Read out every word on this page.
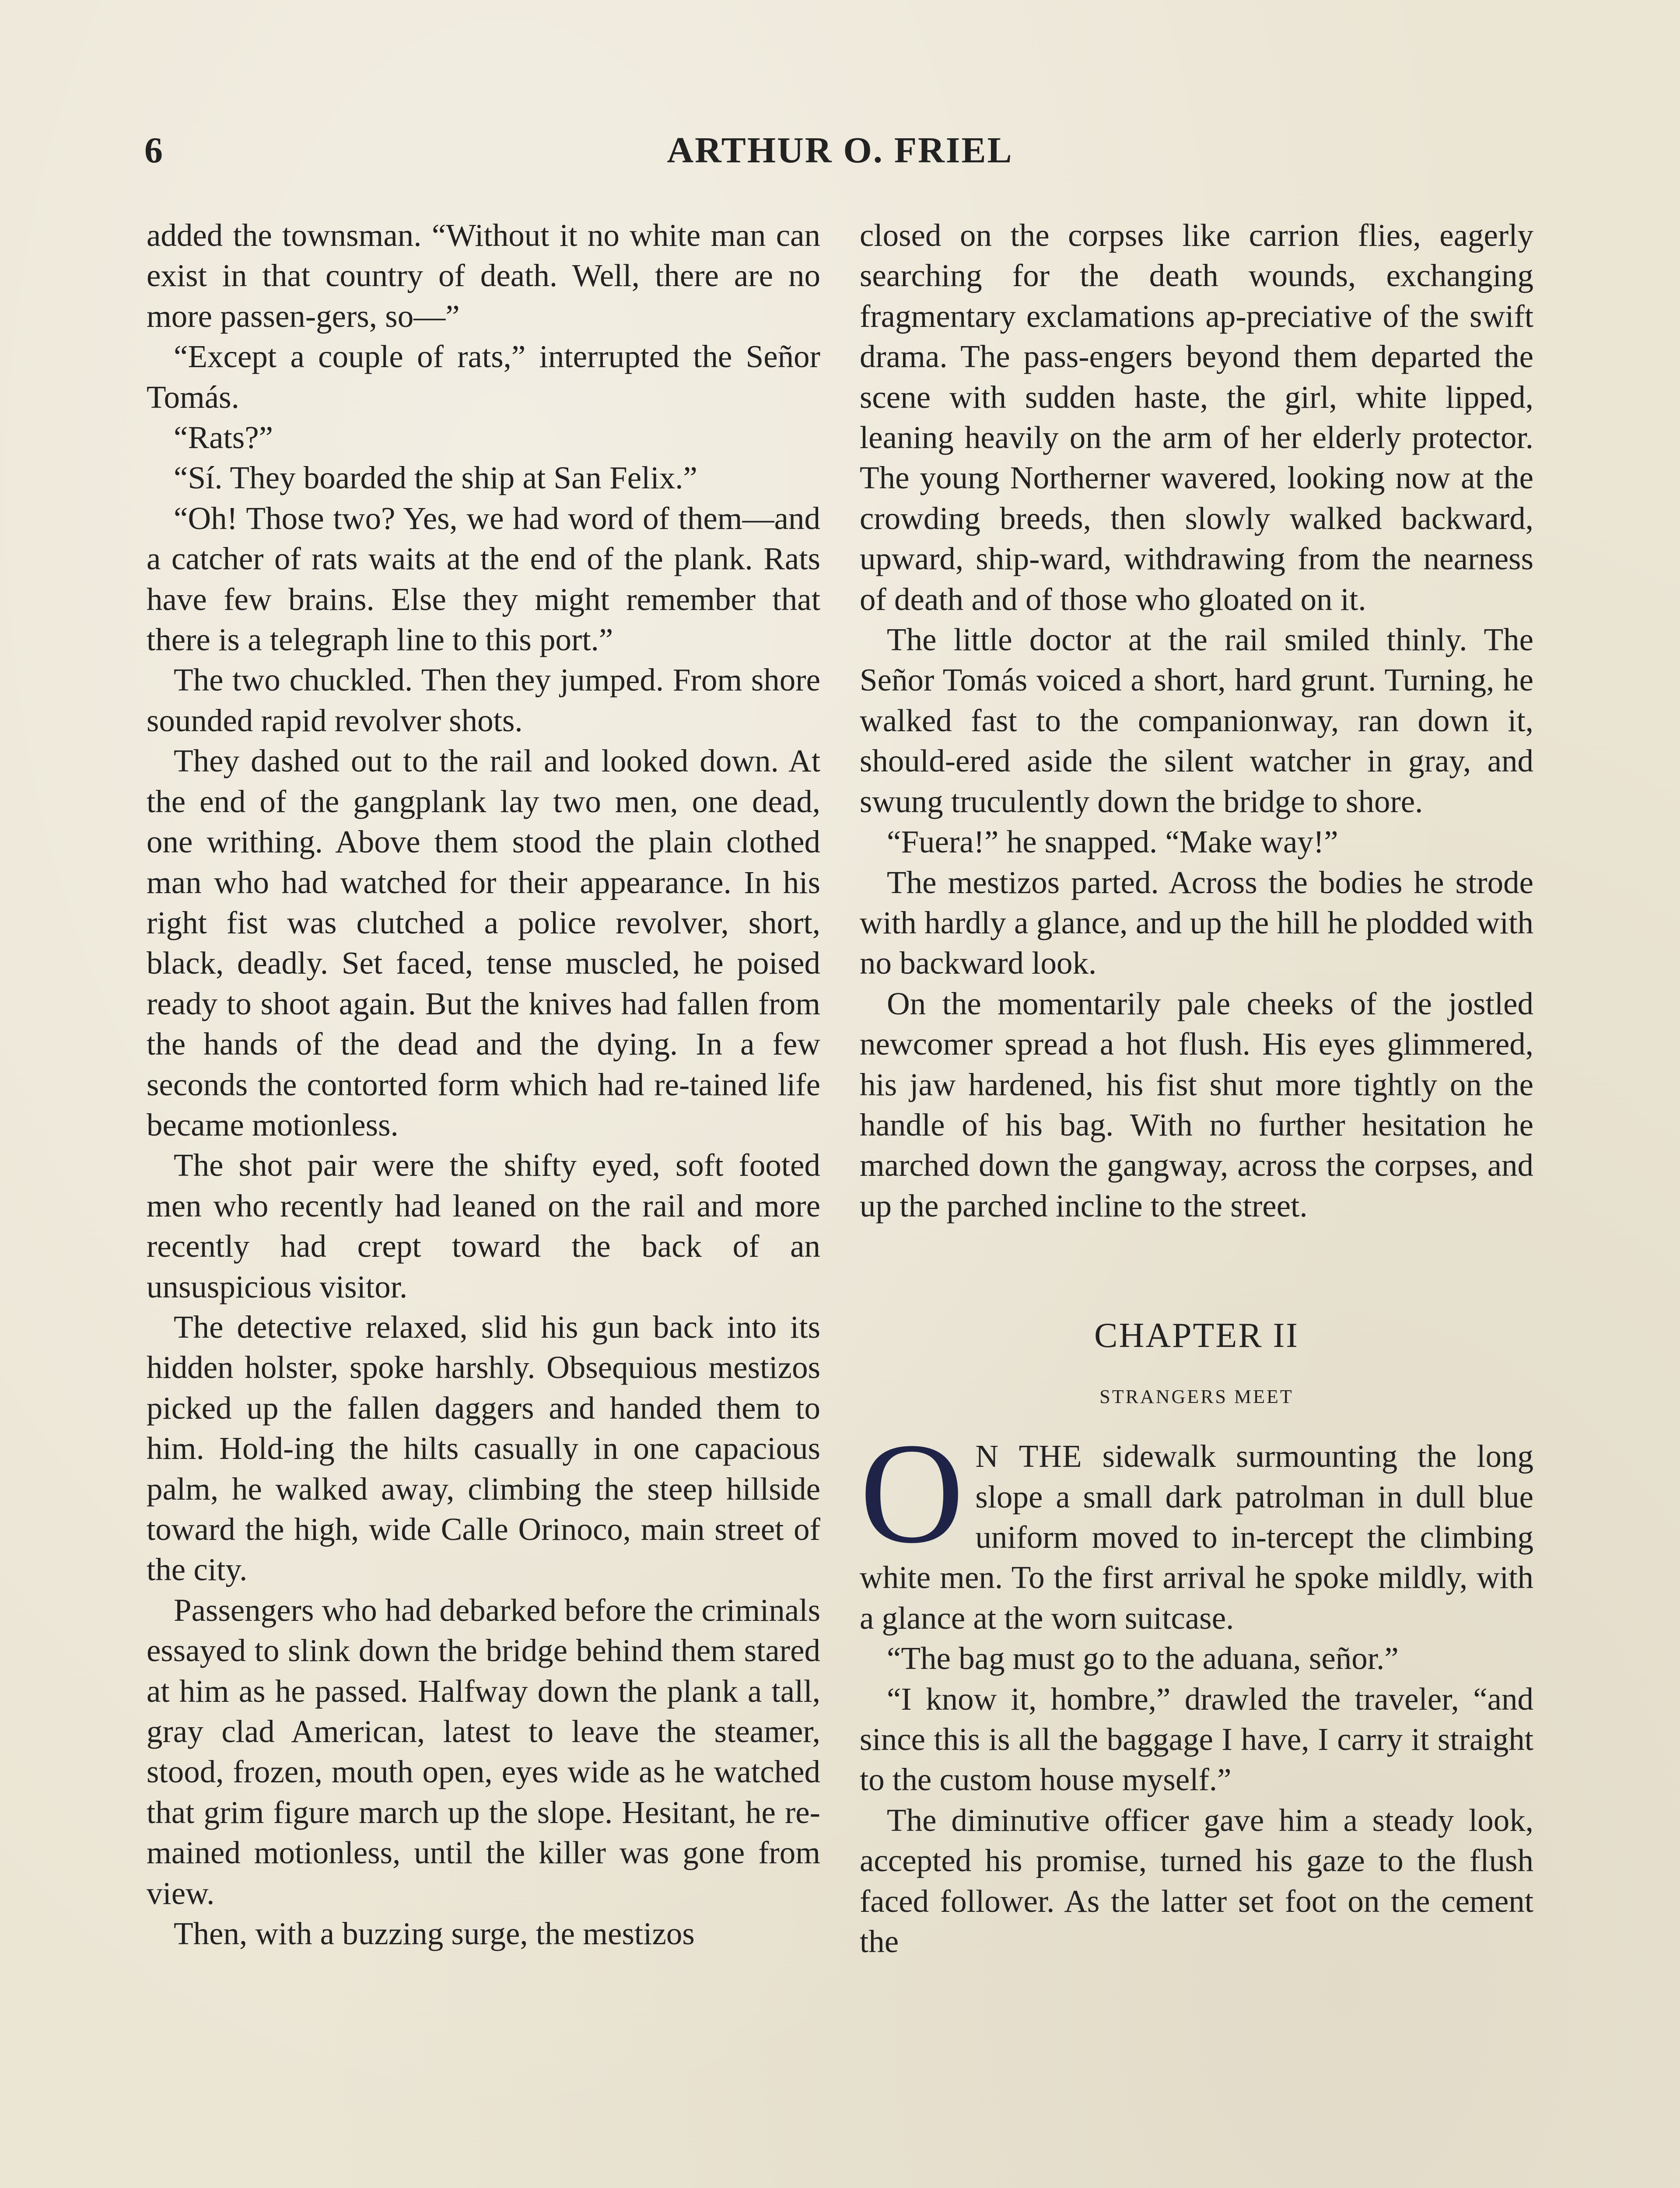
6	ARTHUR O. FRIEL

added the townsman. “Without it no white man can exist in that country of death. Well, there are no more passen-gers, so—”

“Except a couple of rats,” interrupted the Señor Tomás.

“Rats?”

“Sí. They boarded the ship at San Felix.”

“Oh! Those two? Yes, we had word of them—and a catcher of rats waits at the end of the plank. Rats have few brains. Else they might remember that there is a telegraph line to this port.”

The two chuckled. Then they jumped. From shore sounded rapid revolver shots.

They dashed out to the rail and looked down. At the end of the gangplank lay two men, one dead, one writhing. Above them stood the plain clothed man who had watched for their appearance. In his right fist was clutched a police revolver, short, black, deadly. Set faced, tense muscled, he poised ready to shoot again. But the knives had fallen from the hands of the dead and the dying. In a few seconds the contorted form which had re-tained life became motionless.

The shot pair were the shifty eyed, soft footed men who recently had leaned on the rail and more recently had crept toward the back of an unsuspicious visitor.

The detective relaxed, slid his gun back into its hidden holster, spoke harshly. Obsequious mestizos picked up the fallen daggers and handed them to him. Hold-ing the hilts casually in one capacious palm, he walked away, climbing the steep hillside toward the high, wide Calle Orinoco, main street of the city.

Passengers who had debarked before the criminals essayed to slink down the bridge behind them stared at him as he passed. Halfway down the plank a tall, gray clad American, latest to leave the steamer, stood, frozen, mouth open, eyes wide as he watched that grim figure march up the slope. Hesitant, he re-mained motionless, until the killer was gone from view.

Then, with a buzzing surge, the mestizos

closed on the corpses like carrion flies, eagerly searching for the death wounds, exchanging fragmentary exclamations ap-preciative of the swift drama. The pass-engers beyond them departed the scene with sudden haste, the girl, white lipped, leaning heavily on the arm of her elderly protector. The young Northerner wavered, looking now at the crowding breeds, then slowly walked backward, upward, ship-ward, withdrawing from the nearness of death and of those who gloated on it.

The little doctor at the rail smiled thinly. The Señor Tomás voiced a short, hard grunt. Turning, he walked fast to the companionway, ran down it, should-ered aside the silent watcher in gray, and swung truculently down the bridge to shore.

“Fuera!” he snapped. “Make way!”

The mestizos parted. Across the bodies he strode with hardly a glance, and up the hill he plodded with no backward look.

On the momentarily pale cheeks of the jostled newcomer spread a hot flush. His eyes glimmered, his jaw hardened, his fist shut more tightly on the handle of his bag. With no further hesitation he marched down the gangway, across the corpses, and up the parched incline to the street.

CHAPTER II
STRANGERS MEET

O N THE sidewalk surmounting the long slope a small dark patrolman in dull blue uniform moved to in-tercept the climbing white men. To the first arrival he spoke mildly, with a glance at the worn suitcase.

“The bag must go to the aduana, señor.”

“I know it, hombre,” drawled the traveler, “and since this is all the baggage I have, I carry it straight to the custom house myself.”

The diminutive officer gave him a steady look, accepted his promise, turned his gaze to the flush faced follower. As the latter set foot on the cement the
